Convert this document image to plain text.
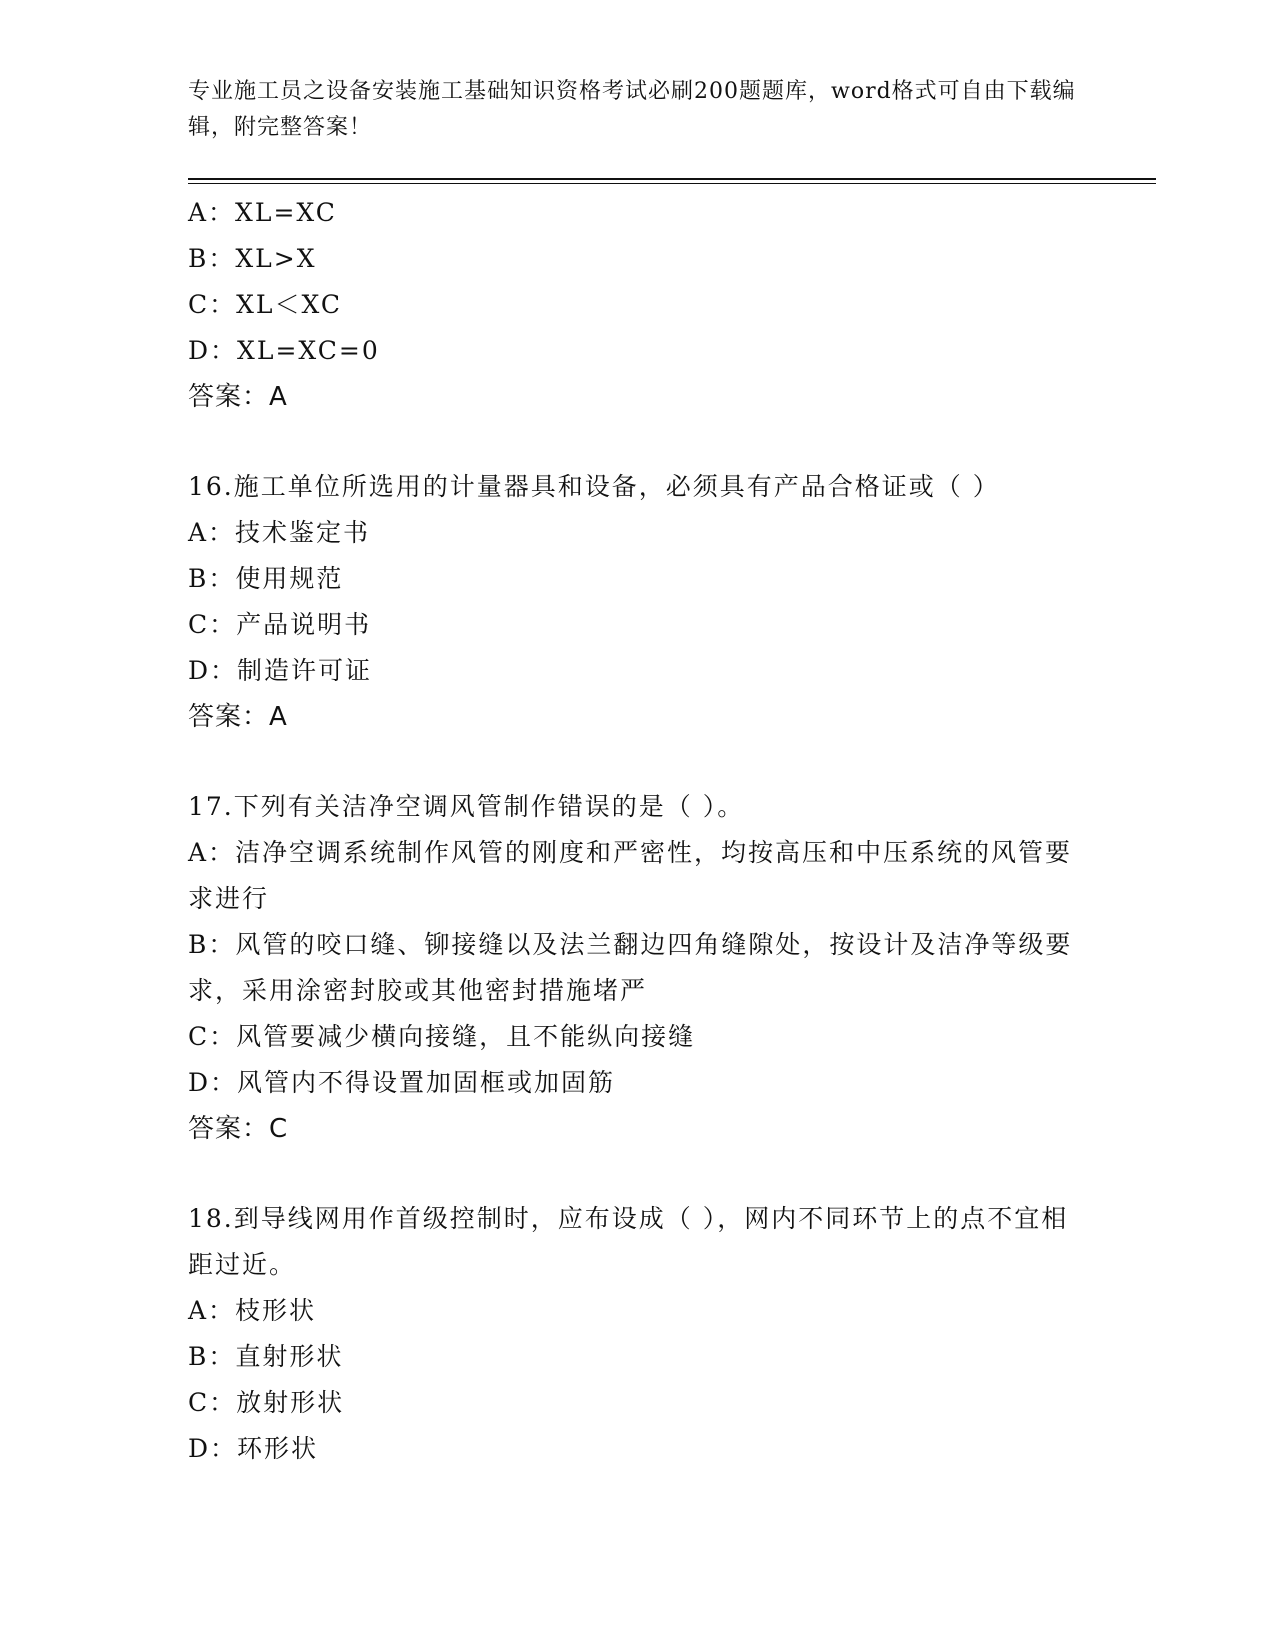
专业施工员之设备安装施工基础知识资格考试必刷200题题库，word格式可自由下载编辑，附完整答案！
A：XL=XC
B：XL>X
C：XL＜XC
D：XL=XC=0
答案：A
16.施工单位所选用的计量器具和设备，必须具有产品合格证或（ ）
A：技术鉴定书
B：使用规范
C：产品说明书
D：制造许可证
答案：A
17.下列有关洁净空调风管制作错误的是（ ）。
A：洁净空调系统制作风管的刚度和严密性，均按高压和中压系统的风管要求进行
B：风管的咬口缝、铆接缝以及法兰翻边四角缝隙处，按设计及洁净等级要求，采用涂密封胶或其他密封措施堵严
C：风管要减少横向接缝，且不能纵向接缝
D：风管内不得设置加固框或加固筋
答案：C
18.到导线网用作首级控制时，应布设成（ ），网内不同环节上的点不宜相距过近。
A：枝形状
B：直射形状
C：放射形状
D：环形状
